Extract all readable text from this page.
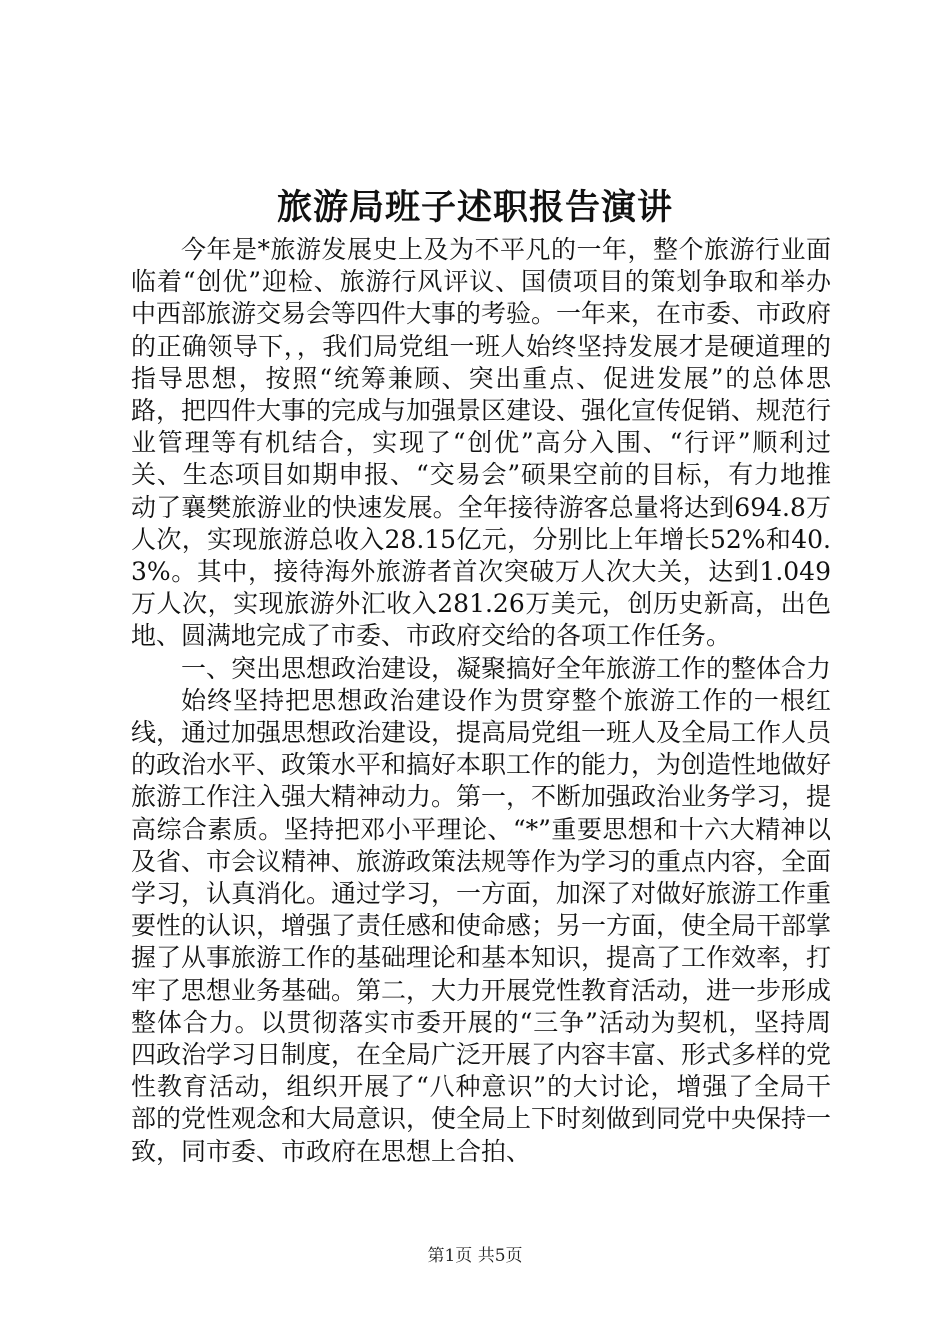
旅游局班子述职报告演讲

今年是*旅游发展史上及为不平凡的一年，整个旅游行业面临着“创优”迎检、旅游行风评议、国债项目的策划争取和举办中西部旅游交易会等四件大事的考验。一年来，在市委、市政府的正确领导下，，我们局党组一班人始终坚持发展才是硬道理的指导思想，按照“统筹兼顾、突出重点、促进发展”的总体思路，把四件大事的完成与加强景区建设、强化宣传促销、规范行业管理等有机结合，实现了“创优”高分入围、“行评”顺利过关、生态项目如期申报、“交易会”硕果空前的目标，有力地推动了襄樊旅游业的快速发展。全年接待游客总量将达到694.8万人次，实现旅游总收入28.15亿元，分别比上年增长52%和40.3%。其中，接待海外旅游者首次突破万人次大关，达到1.049万人次，实现旅游外汇收入281.26万美元，创历史新高，出色地、圆满地完成了市委、市政府交给的各项工作任务。

一、突出思想政治建设，凝聚搞好全年旅游工作的整体合力

始终坚持把思想政治建设作为贯穿整个旅游工作的一根红线，通过加强思想政治建设，提高局党组一班人及全局工作人员的政治水平、政策水平和搞好本职工作的能力，为创造性地做好旅游工作注入强大精神动力。第一，不断加强政治业务学习，提高综合素质。坚持把邓小平理论、“*”重要思想和十六大精神以及省、市会议精神、旅游政策法规等作为学习的重点内容，全面学习，认真消化。通过学习，一方面，加深了对做好旅游工作重要性的认识，增强了责任感和使命感；另一方面，使全局干部掌握了从事旅游工作的基础理论和基本知识，提高了工作效率，打牢了思想业务基础。第二，大力开展党性教育活动，进一步形成整体合力。以贯彻落实市委开展的“三争”活动为契机，坚持周四政治学习日制度，在全局广泛开展了内容丰富、形式多样的党性教育活动，组织开展了“八种意识”的大讨论，增强了全局干部的党性观念和大局意识，使全局上下时刻做到同党中央保持一致，同市委、市政府在思想上合拍、

第1页 共5页
